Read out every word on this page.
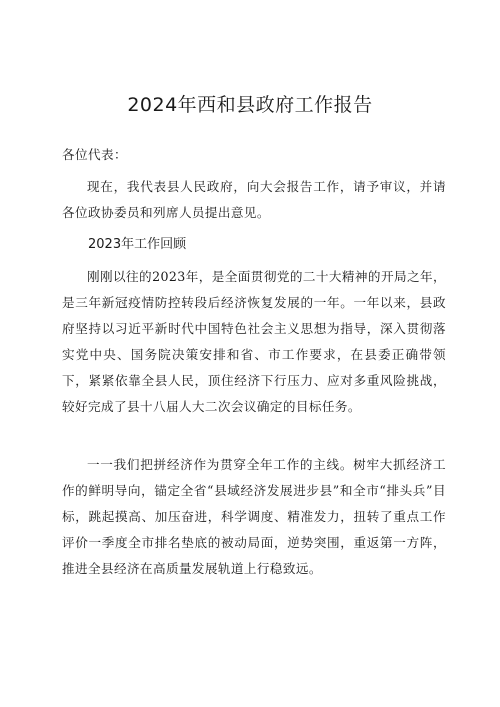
2024年西和县政府工作报告

各位代表：

现在，我代表县人民政府，向大会报告工作，请予审议，并请各位政协委员和列席人员提出意见。

2023年工作回顾

刚刚以往的2023年，是全面贯彻党的二十大精神的开局之年，是三年新冠疫情防控转段后经济恢复发展的一年。一年以来，县政府坚持以习近平新时代中国特色社会主义思想为指导，深入贯彻落实党中央、国务院决策安排和省、市工作要求，在县委正确带领下，紧紧依靠全县人民，顶住经济下行压力、应对多重风险挑战，较好完成了县十八届人大二次会议确定的目标任务。

一一我们把拼经济作为贯穿全年工作的主线。树牢大抓经济工作的鲜明导向，锚定全省“县域经济发展进步县”和全市“排头兵”目标，跳起摸高、加压奋进，科学调度、精准发力，扭转了重点工作评价一季度全市排名垫底的被动局面，逆势突围，重返第一方阵，推进全县经济在高质量发展轨道上行稳致远。
